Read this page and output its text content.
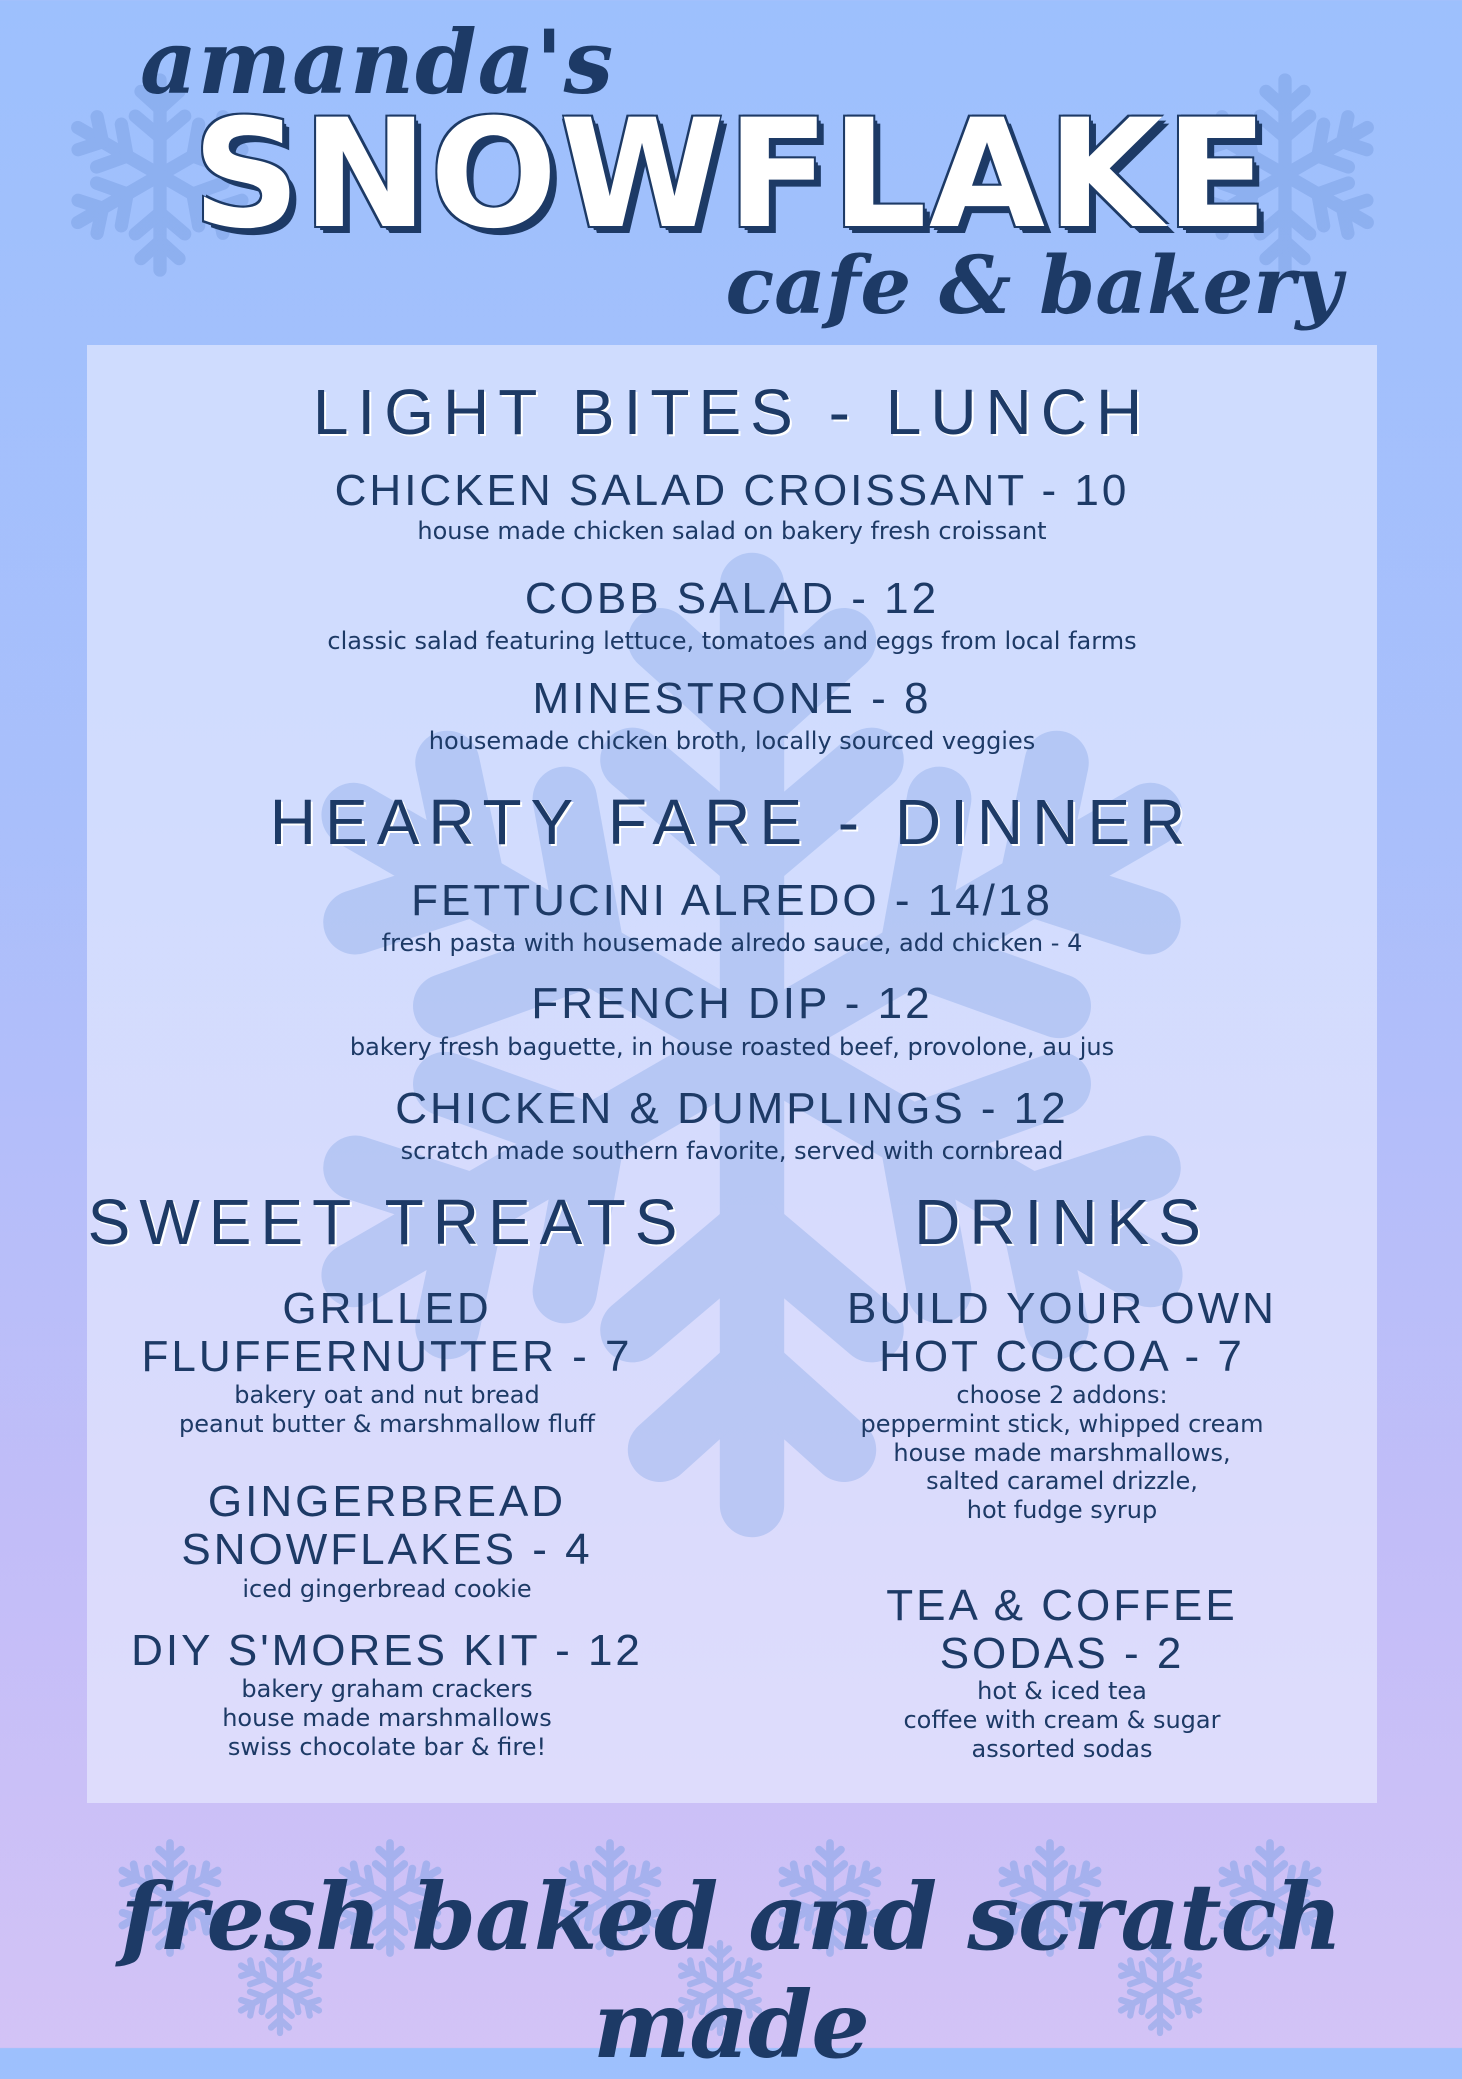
amanda's
SNOWFLAKE
cafe & bakery
LIGHT BITES - LUNCH
CHICKEN SALAD CROISSANT - 10
house made chicken salad on bakery fresh croissant
COBB SALAD - 12
classic salad featuring lettuce, tomatoes and eggs from local farms
MINESTRONE - 8
housemade chicken broth, locally sourced veggies
HEARTY FARE - DINNER
FETTUCINI ALREDO - 14/18
fresh pasta with housemade alredo sauce, add chicken - 4
FRENCH DIP - 12
bakery fresh baguette, in house roasted beef, provolone, au jus
CHICKEN & DUMPLINGS - 12
scratch made southern favorite, served with cornbread
SWEET TREATS
GRILLED
FLUFFERNUTTER - 7
bakery oat and nut bread
peanut butter & marshmallow fluff
GINGERBREAD
SNOWFLAKES - 4
iced gingerbread cookie
DIY S'MORES KIT - 12
bakery graham crackers
house made marshmallows
swiss chocolate bar & fire!
DRINKS
BUILD YOUR OWN
HOT COCOA - 7
choose 2 addons:
peppermint stick, whipped cream
house made marshmallows,
salted caramel drizzle,
hot fudge syrup
TEA & COFFEE
SODAS - 2
hot & iced tea
coffee with cream & sugar
assorted sodas
fresh baked and scratch made
